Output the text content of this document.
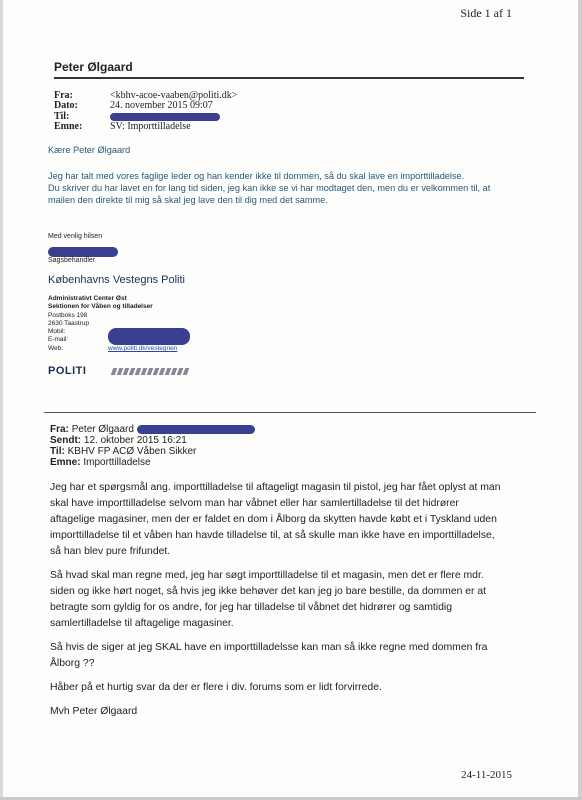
Side 1 af 1
Peter Ølgaard
Fra:	<kbhv-acoe-vaaben@politi.dk>
Dato:	24. november 2015 09:07
Til:
Emne:	SV: Importtilladelse
Kære Peter Ølgaard
Jeg har talt med vores faglige leder og han kender ikke til dommen, så du skal lave en importtilladelse.
Du skriver du har lavet en for lang tid siden, jeg kan ikke se vi har modtaget den, men du er velkommen til, at
mailen den direkte til mig så skal jeg lave den til dig med det samme.
Med venlig hilsen
Sagsbehandler
Københavns Vestegns Politi
Administrativt Center Øst
Sektionen for Våben og tilladelser
Postboks 198
2630 Taastrup
Mobil:
E-mail:
Web:	www.politi.dk/vestegnen
POLITI
Fra: Peter Ølgaard
Sendt: 12. oktober 2015 16:21
Til: KBHV FP ACØ Våben Sikker
Emne: Importtilladelse
Jeg har et spørgsmål ang. importtilladelse til aftageligt magasin til pistol, jeg har fået oplyst at man
skal have importtilladelse selvom man har våbnet eller har samlertilladelse til det hidrører
aftagelige magasiner, men der er faldet en dom i Ålborg da skytten havde købt et i Tyskland uden
importtilladelse til et våben han havde tilladelse til, at så skulle man ikke have en importtilladelse,
så han blev pure frifundet.
Så hvad skal man regne med, jeg har søgt importtilladelse til et magasin, men det er flere mdr.
siden og ikke hørt noget, så hvis jeg ikke behøver det kan jeg jo bare bestille, da dommen er at
betragte som gyldig for os andre, for jeg har tilladelse til våbnet det hidrører og samtidig
samlertilladelse til aftagelige magasiner.
Så hvis de siger at jeg SKAL have en importtilladelsse kan man så ikke regne med dommen fra
Ålborg ??
Håber på et hurtig svar da der er flere i div. forums som er lidt forvirrede.
Mvh Peter Ølgaard
24-11-2015
